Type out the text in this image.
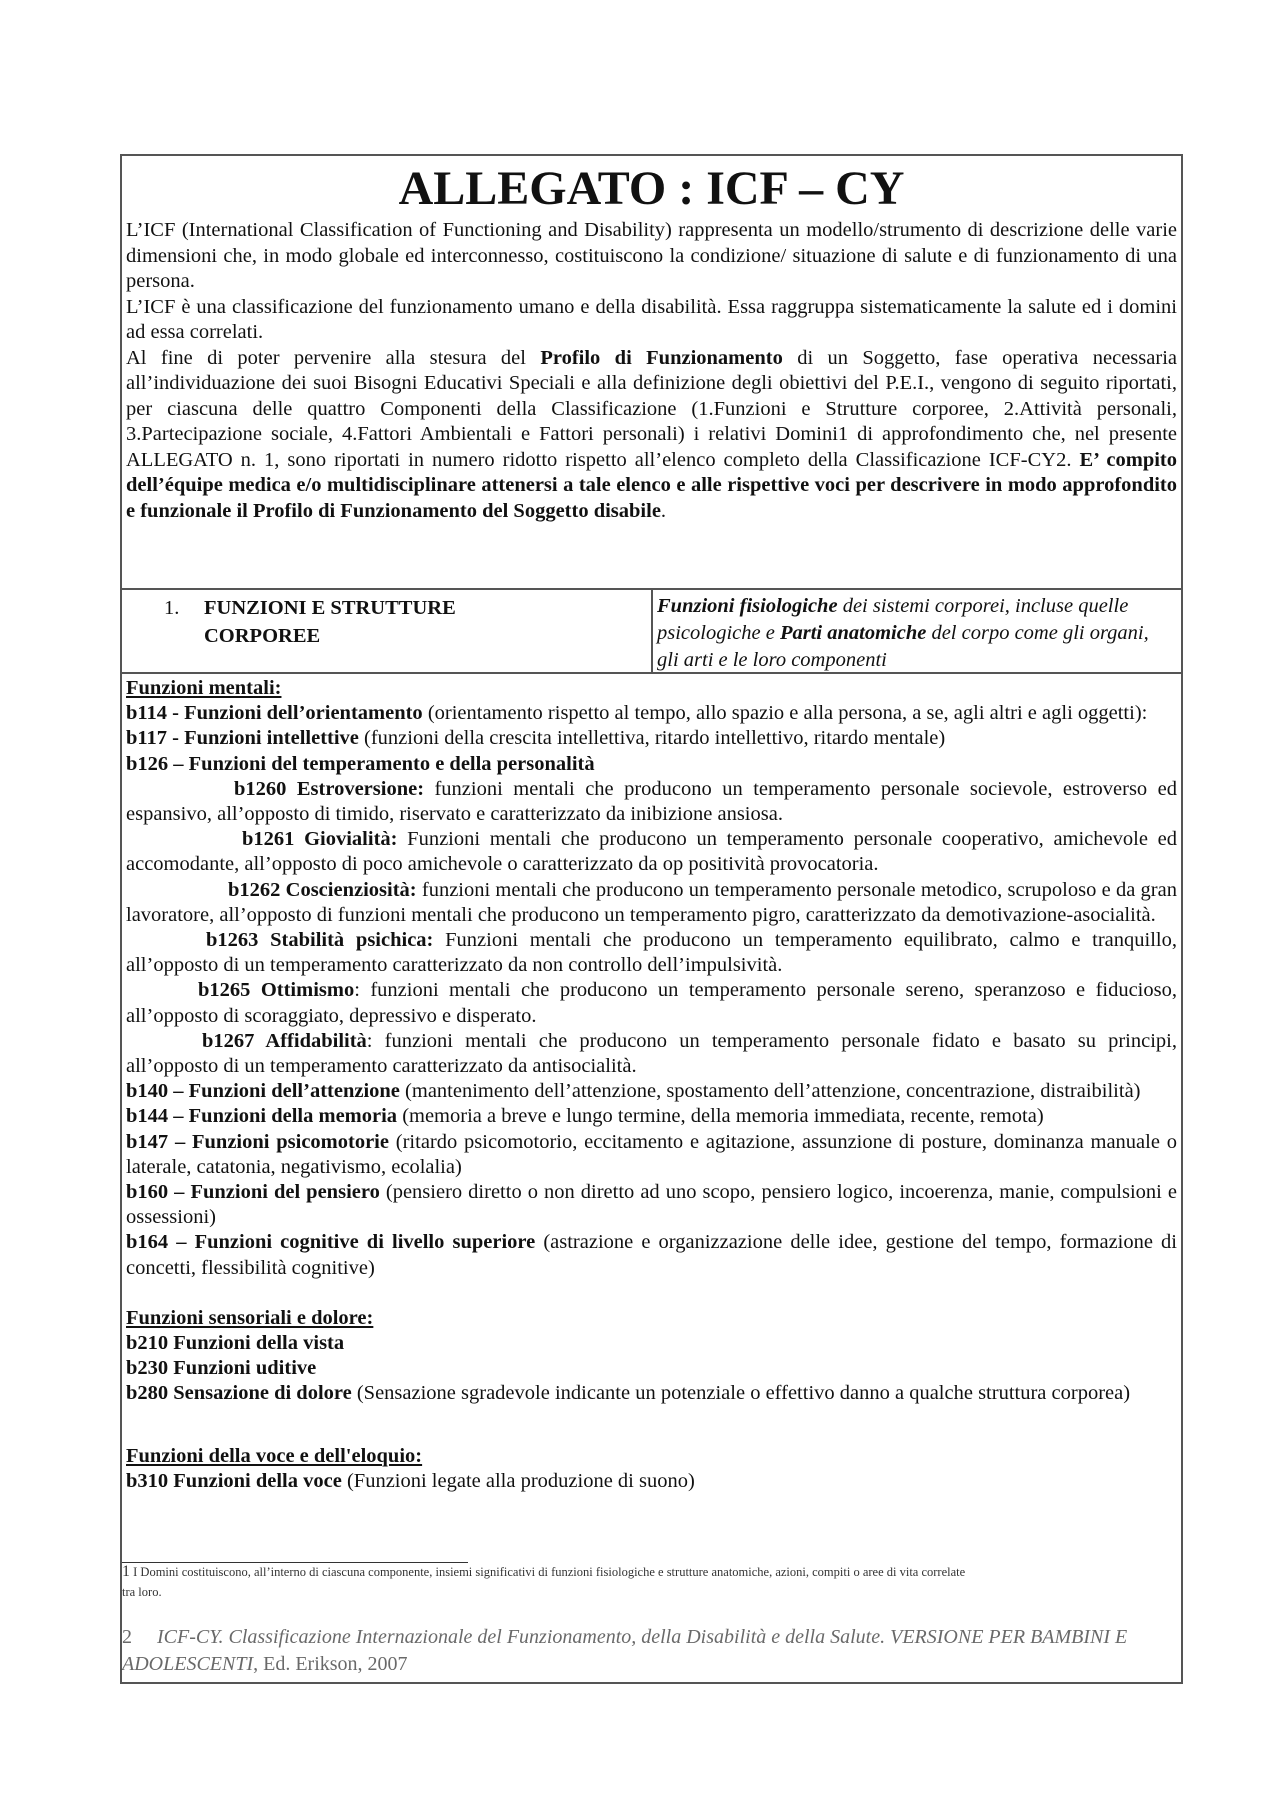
ALLEGATO : ICF – CY

L’ICF (International Classification of Functioning and Disability) rappresenta un modello/strumento di descrizione delle varie dimensioni che, in modo globale ed interconnesso, costituiscono la condizione/ situazione di salute e di funzionamento di una persona.

L’ICF è una classificazione del funzionamento umano e della disabilità. Essa raggruppa sistematicamente la salute ed i domini ad essa correlati.

Al fine di poter pervenire alla stesura del Profilo di Funzionamento di un Soggetto, fase operativa necessaria all’individuazione dei suoi Bisogni Educativi Speciali e alla definizione degli obiettivi del P.E.I., vengono di seguito riportati, per ciascuna delle quattro Componenti della Classificazione (1.Funzioni e Strutture corporee, 2.Attività personali, 3.Partecipazione sociale, 4.Fattori Ambientali e Fattori personali) i relativi Domini1 di approfondimento che, nel presente ALLEGATO n. 1, sono riportati in numero ridotto rispetto all’elenco completo della Classificazione ICF-CY2. E’ compito dell’équipe medica e/o multidisciplinare attenersi a tale elenco e alle rispettive voci per descrivere in modo approfondito e funzionale il Profilo di Funzionamento del Soggetto disabile.

1. FUNZIONI E STRUTTURE
CORPOREE
Funzioni fisiologiche dei sistemi corporei, incluse quelle psicologiche e Parti anatomiche del corpo come gli organi, gli arti e le loro componenti
Funzioni mentali:

b114 - Funzioni dell’orientamento (orientamento rispetto al tempo, allo spazio e alla persona, a se, agli altri e agli oggetti):

b117 - Funzioni intellettive (funzioni della crescita intellettiva, ritardo intellettivo, ritardo mentale)

b126 – Funzioni del temperamento e della personalità

b1260 Estroversione: funzioni mentali che producono un temperamento personale socievole, estroverso ed espansivo, all’opposto di timido, riservato e caratterizzato da inibizione ansiosa.

b1261 Giovialità: Funzioni mentali che producono un temperamento personale cooperativo, amichevole ed accomodante, all’opposto di poco amichevole o caratterizzato da op positività provocatoria.

b1262 Coscienziosità: funzioni mentali che producono un temperamento personale metodico, scrupoloso e da gran lavoratore, all’opposto di funzioni mentali che producono un temperamento pigro, caratterizzato da demotivazione-asocialità.

b1263 Stabilità psichica: Funzioni mentali che producono un temperamento equilibrato, calmo e tranquillo, all’opposto di un temperamento caratterizzato da non controllo dell’impulsività.

b1265 Ottimismo: funzioni mentali che producono un temperamento personale sereno, speranzoso e fiducioso, all’opposto di scoraggiato, depressivo e disperato.

b1267 Affidabilità: funzioni mentali che producono un temperamento personale fidato e basato su principi, all’opposto di un temperamento caratterizzato da antisocialità.

b140 – Funzioni dell’attenzione (mantenimento dell’attenzione, spostamento dell’attenzione, concentrazione, distraibilità)

b144 – Funzioni della memoria (memoria a breve e lungo termine, della memoria immediata, recente, remota)

b147 – Funzioni psicomotorie (ritardo psicomotorio, eccitamento e agitazione, assunzione di posture, dominanza manuale o laterale, catatonia, negativismo, ecolalia)

b160 – Funzioni del pensiero (pensiero diretto o non diretto ad uno scopo, pensiero logico, incoerenza, manie, compulsioni e ossessioni)

b164 – Funzioni cognitive di livello superiore (astrazione e organizzazione delle idee, gestione del tempo, formazione di concetti, flessibilità cognitive)

Funzioni sensoriali e dolore:

b210 Funzioni della vista

b230 Funzioni uditive

b280 Sensazione di dolore (Sensazione sgradevole indicante un potenziale o effettivo danno a qualche struttura corporea)

Funzioni della voce e dell'eloquio:

b310 Funzioni della voce (Funzioni legate alla produzione di suono)

1 I Domini costituiscono, all’interno di ciascuna componente, insiemi significativi di funzioni fisiologiche e strutture anatomiche, azioni, compiti o aree di vita correlate
tra loro.
2 ICF-CY. Classificazione Internazionale del Funzionamento, della Disabilità e della Salute. VERSIONE PER BAMBINI E ADOLESCENTI, Ed. Erikson, 2007
